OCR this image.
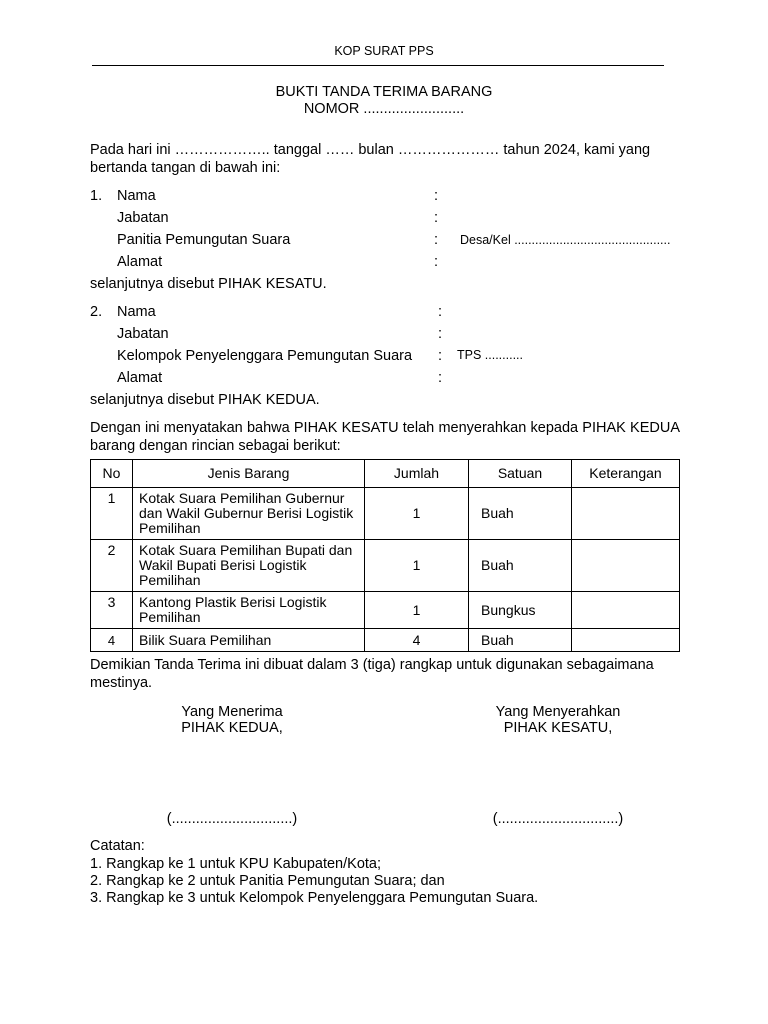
KOP SURAT PPS
BUKTI TANDA TERIMA BARANG
NOMOR .........................
Pada hari ini ……………….. tanggal …… bulan ………………… tahun 2024, kami yang bertanda tangan di bawah ini:
1. Nama	:
Jabatan	:
Panitia Pemungutan Suara	: Desa/Kel .............................................
Alamat	:
selanjutnya disebut PIHAK KESATU.
2. Nama	:
Jabatan	:
Kelompok Penyelenggara Pemungutan Suara : TPS ...........
Alamat	:
selanjutnya disebut PIHAK KEDUA.
Dengan ini menyatakan bahwa PIHAK KESATU telah menyerahkan kepada PIHAK KEDUA barang dengan rincian sebagai berikut:
No	Jenis Barang	Jumlah	Satuan	Keterangan
1	Kotak Suara Pemilihan Gubernur dan Wakil Gubernur Berisi Logistik Pemilihan	1	Buah	
2	Kotak Suara Pemilihan Bupati dan Wakil Bupati Berisi Logistik Pemilihan	1	Buah	
3	Kantong Plastik Berisi Logistik Pemilihan	1	Bungkus	
4	Bilik Suara Pemilihan	4	Buah	
Demikian Tanda Terima ini dibuat dalam 3 (tiga) rangkap untuk digunakan sebagaimana mestinya.
Yang Menerima
PIHAK KEDUA,
Yang Menyerahkan
PIHAK KESATU,
(..............................)	(..............................)
Catatan:
1. Rangkap ke 1 untuk KPU Kabupaten/Kota;
2. Rangkap ke 2 untuk Panitia Pemungutan Suara; dan
3. Rangkap ke 3 untuk Kelompok Penyelenggara Pemungutan Suara.
